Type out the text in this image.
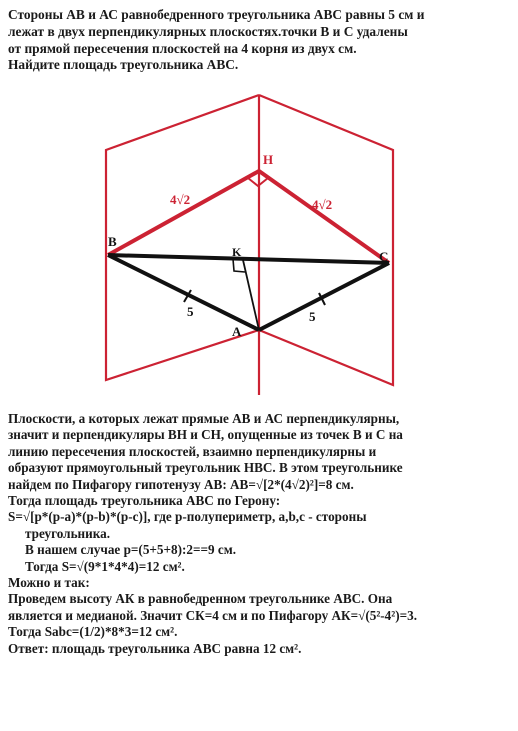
Стороны АВ и АС равнобедренного треугольника АВС равны 5 см и
лежат в двух перпендикулярных плоскостях.точки В и С удалены
от прямой пересечения плоскостей на 4 корня из двух см.
Найдите площадь треугольника АВС.
H
B
C
K
A
4√2	4√2
5	5
Плоскости, а которых лежат прямые АВ и АС перпендикулярны,
значит и перпендикуляры ВН и СН, опущенные из точек В и С на
линию пересечения плоскостей, взаимно перпендикулярны и
образуют прямоугольный треугольник НВС. В этом треугольнике
найдем по Пифагору гипотенузу АВ: АВ=√[2*(4√2)²]=8 см.
Тогда площадь треугольника АВС по Герону:
S=√[p*(p-a)*(p-b)*(p-c)], где р-полупериметр, а,b,с - стороны
треугольника.
В нашем случае р=(5+5+8):2==9 см.
Тогда S=√(9*1*4*4)=12 см².
Можно и так:
Проведем высоту АК в равнобедренном треугольнике АВС. Она
является и медианой. Значит СК=4 см и по Пифагору АК=√(5²-4²)=3.
Тогда Sabc=(1/2)*8*3=12 см².
Ответ: площадь треугольника АВС равна 12 см².
